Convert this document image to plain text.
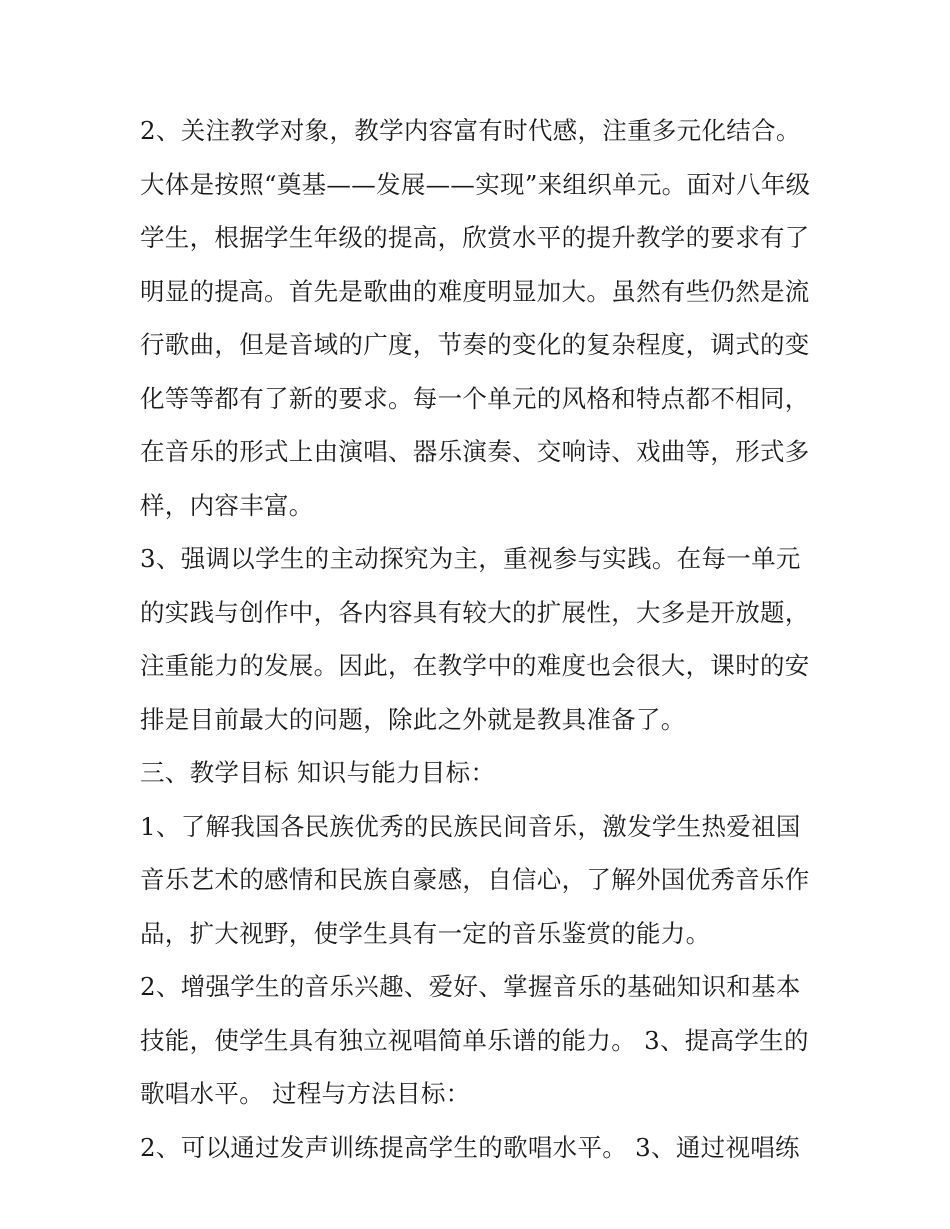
2、关注教学对象，教学内容富有时代感，注重多元化结合。
大体是按照“奠基——发展——实现”来组织单元。面对八年级
学生，根据学生年级的提高，欣赏水平的提升教学的要求有了
明显的提高。首先是歌曲的难度明显加大。虽然有些仍然是流
行歌曲，但是音域的广度，节奏的变化的复杂程度，调式的变
化等等都有了新的要求。每一个单元的风格和特点都不相同，
在音乐的形式上由演唱、器乐演奏、交响诗、戏曲等，形式多
样，内容丰富。
3、强调以学生的主动探究为主，重视参与实践。在每一单元
的实践与创作中，各内容具有较大的扩展性，大多是开放题，
注重能力的发展。因此，在教学中的难度也会很大，课时的安
排是目前最大的问题，除此之外就是教具准备了。
三、教学目标 知识与能力目标：
1、了解我国各民族优秀的民族民间音乐，激发学生热爱祖国
音乐艺术的感情和民族自豪感，自信心，了解外国优秀音乐作
品，扩大视野，使学生具有一定的音乐鉴赏的能力。
2、增强学生的音乐兴趣、爱好、掌握音乐的基础知识和基本
技能，使学生具有独立视唱简单乐谱的能力。 3、提高学生的
歌唱水平。 过程与方法目标：
2、可以通过发声训练提高学生的歌唱水平。 3、通过视唱练
